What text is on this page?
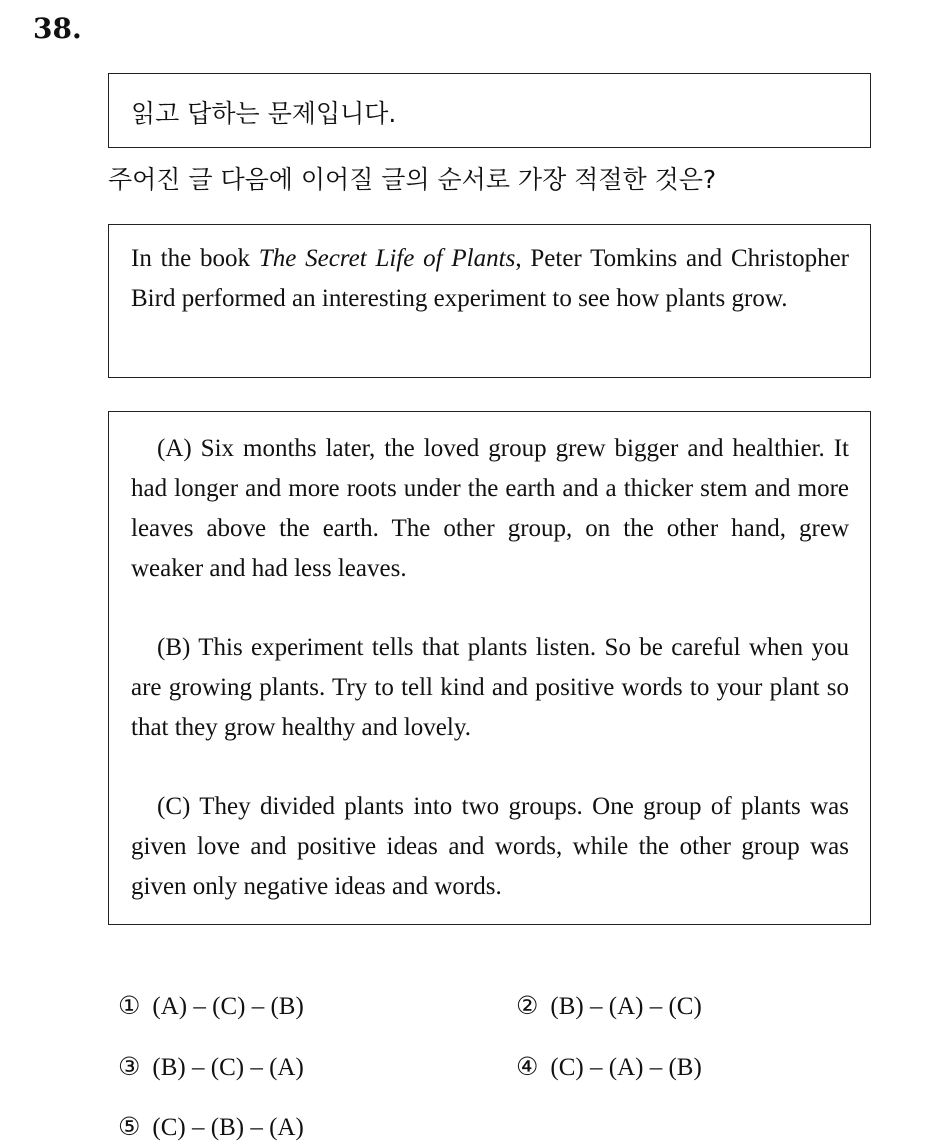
38.
읽고 답하는 문제입니다.
주어진 글 다음에 이어질 글의 순서로 가장 적절한 것은?
In the book The Secret Life of Plants, Peter Tomkins and Christopher Bird performed an interesting experiment to see how plants grow.
(A) Six months later, the loved group grew bigger and healthier. It had longer and more roots under the earth and a thicker stem and more leaves above the earth. The other group, on the other hand, grew weaker and had less leaves.
(B) This experiment tells that plants listen. So be careful when you are growing plants. Try to tell kind and positive words to your plant so that they grow healthy and lovely.
(C) They divided plants into two groups. One group of plants was given love and positive ideas and words, while the other group was given only negative ideas and words.
① (A) – (C) – (B)	② (B) – (A) – (C)
③ (B) – (C) – (A)	④ (C) – (A) – (B)
⑤ (C) – (B) – (A)
